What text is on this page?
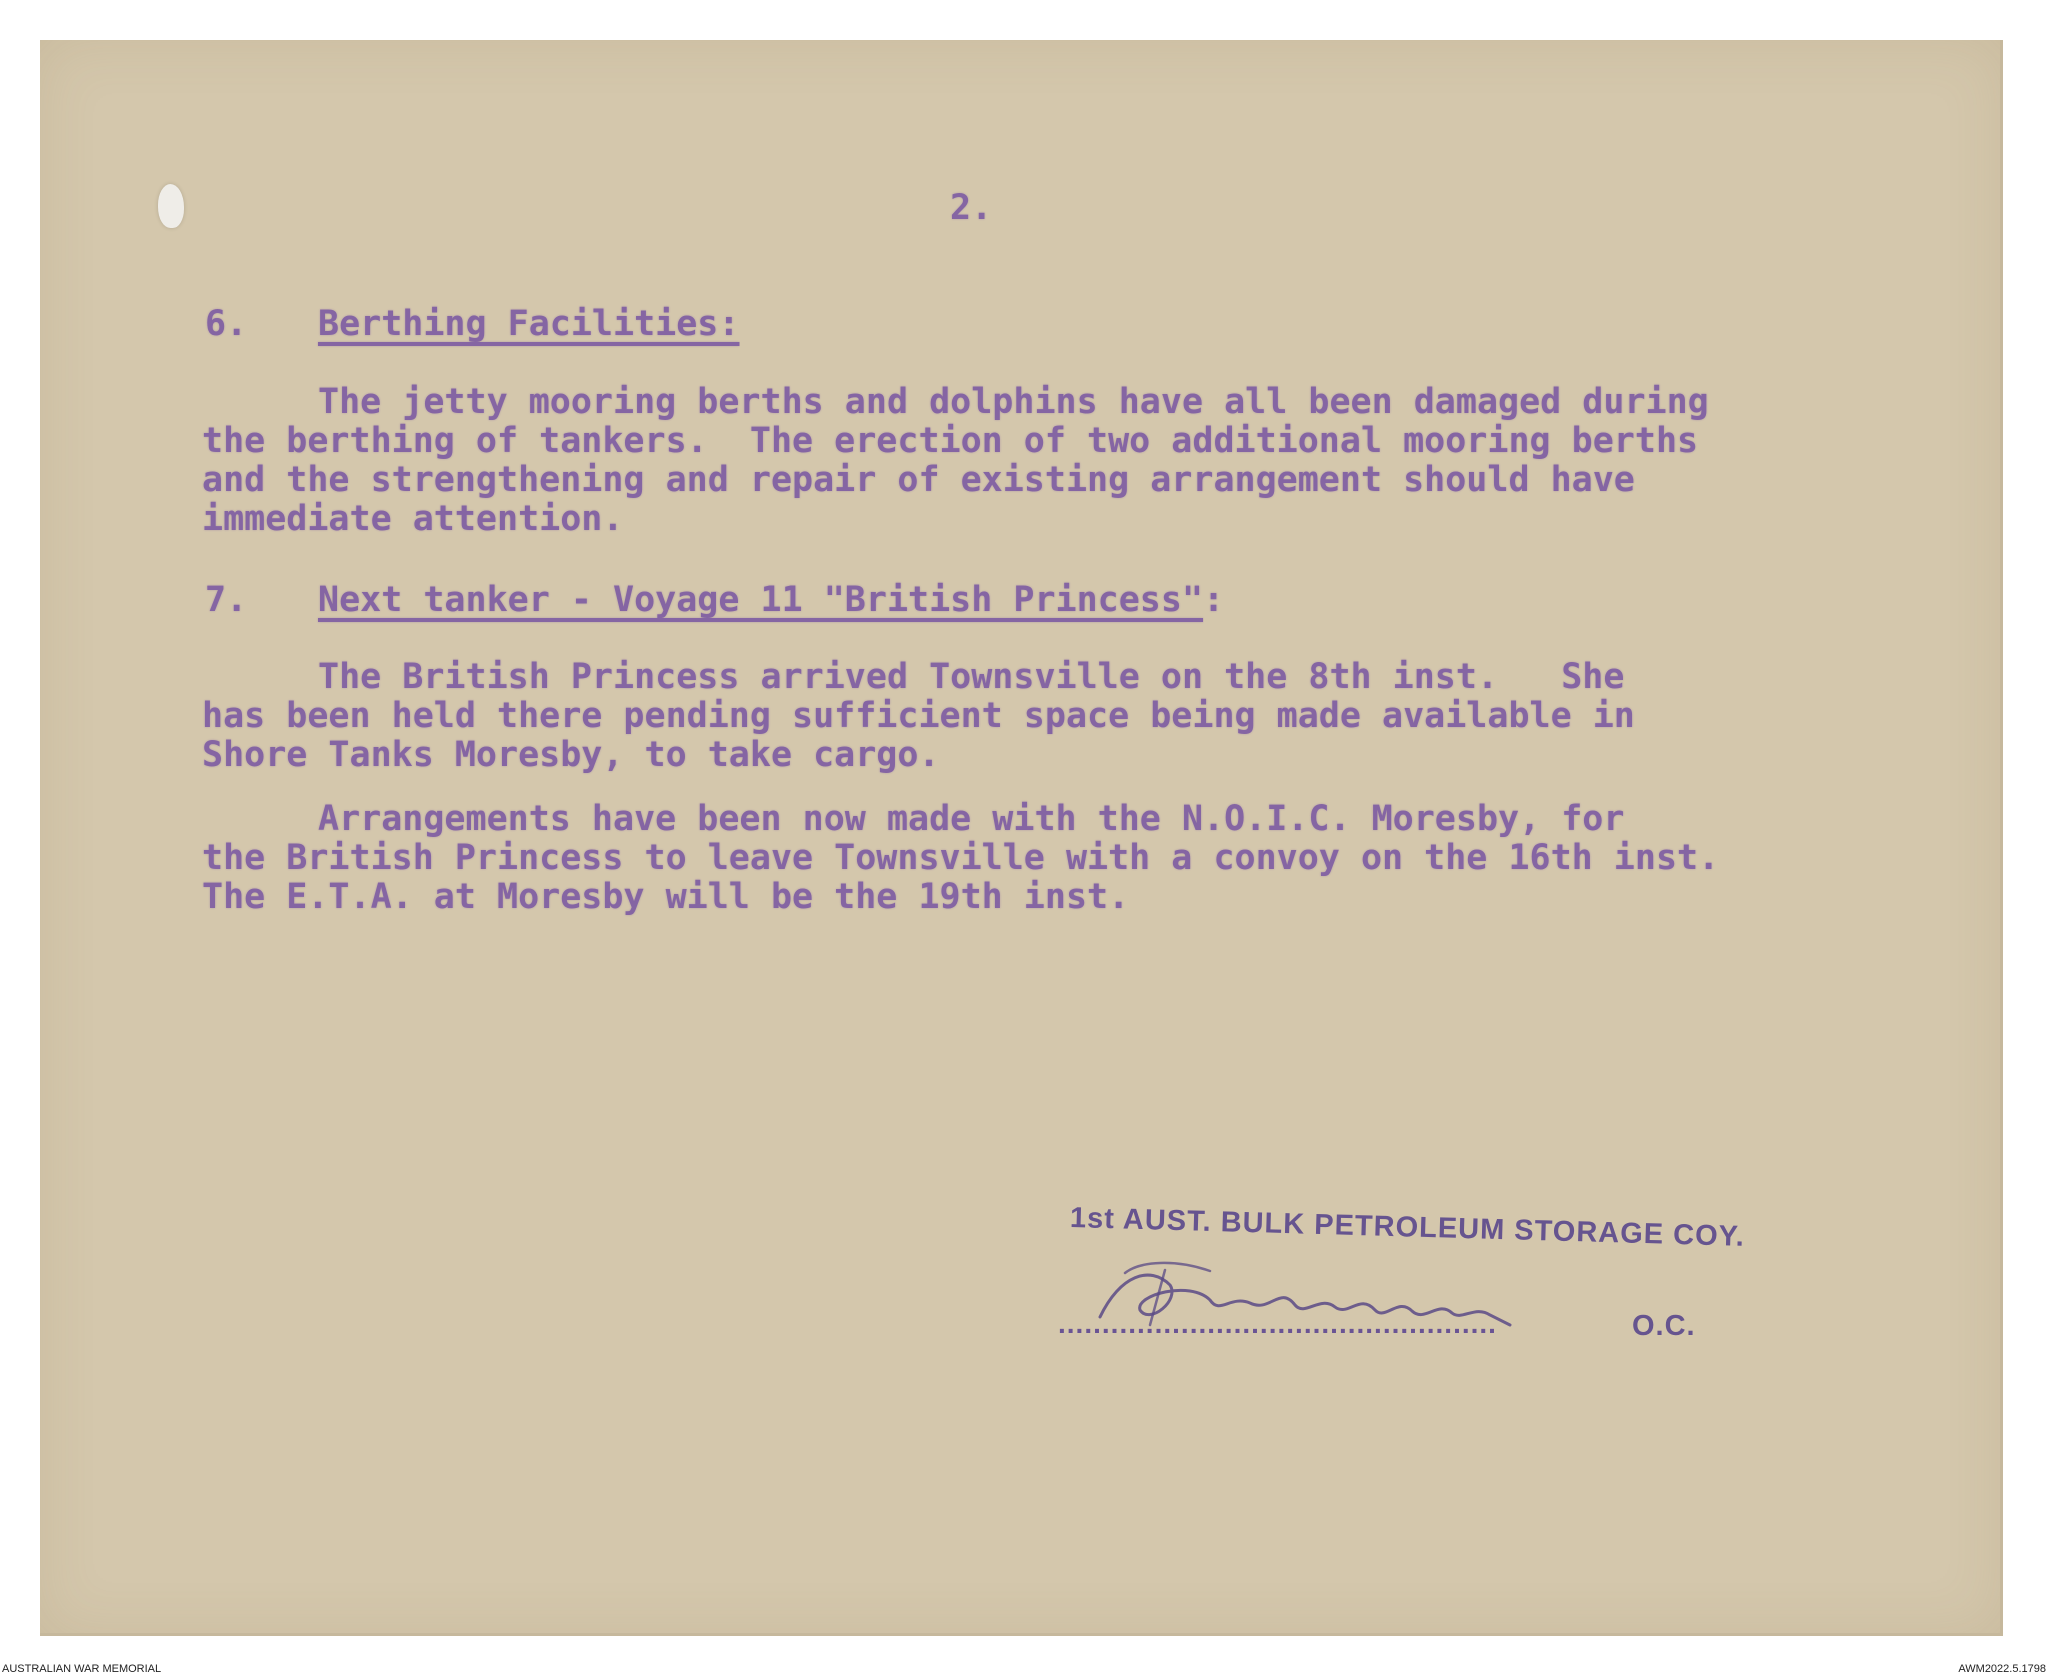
2.
6. Berthing Facilities:
The jetty mooring berths and dolphins have all been damaged during
the berthing of tankers.  The erection of two additional mooring berths
and the strengthening and repair of existing arrangement should have
immediate attention.
7. Next tanker - Voyage 11 "British Princess":
The British Princess arrived Townsville on the 8th inst.   She
has been held there pending sufficient space being made available in
Shore Tanks Moresby, to take cargo.
Arrangements have been now made with the N.O.I.C. Moresby, for
the British Princess to leave Townsville with a convoy on the 16th inst.
The E.T.A. at Moresby will be the 19th inst.
1st AUST. BULK PETROLEUM STORAGE COY.
..................................................	O.C.
AUSTRALIAN WAR MEMORIAL	AWM2022.5.1798
